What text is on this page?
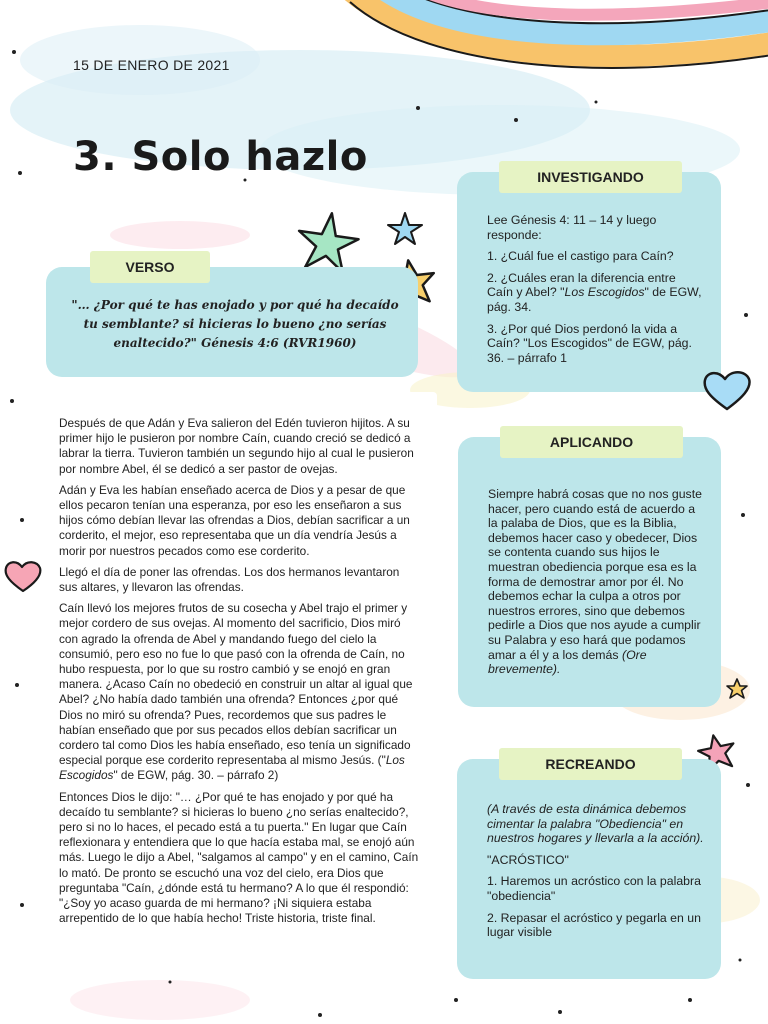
15 DE ENERO DE 2021
3. Solo hazlo
VERSO
"… ¿Por qué te has enojado y por qué ha decaído tu semblante? si hicieras lo bueno ¿no serías enaltecido?" Génesis 4:6 (RVR1960)
INVESTIGANDO

Lee Génesis 4: 11 – 14 y luego responde:

1. ¿Cuál fue el castigo para Caín?

2. ¿Cuáles eran la diferencia entre Caín y Abel? "Los Escogidos" de EGW, pág. 34.

3. ¿Por qué Dios perdonó la vida a Caín? "Los Escogidos" de EGW, pág. 36. – párrafo 1

APLICANDO
Siempre habrá cosas que no nos guste hacer, pero cuando está de acuerdo a la palaba de Dios, que es la Biblia, debemos hacer caso y obedecer, Dios se contenta cuando sus hijos le muestran obediencia porque esa es la forma de demostrar amor por él. No debemos echar la culpa a otros por nuestros errores, sino que debemos pedirle a Dios que nos ayude a cumplir su Palabra y eso hará que podamos amar a él y a los demás (Ore brevemente).
RECREANDO

(A través de esta dinámica debemos cimentar la palabra "Obediencia" en nuestros hogares y llevarla a la acción).

"ACRÓSTICO"

1. Haremos un acróstico con la palabra "obediencia"

2. Repasar el acróstico y pegarla en un lugar visible

Después de que Adán y Eva salieron del Edén tuvieron hijitos. A su primer hijo le pusieron por nombre Caín, cuando creció se dedicó a labrar la tierra. Tuvieron también un segundo hijo al cual le pusieron por nombre Abel, él se dedicó a ser pastor de ovejas.

Adán y Eva les habían enseñado acerca de Dios y a pesar de que ellos pecaron tenían una esperanza, por eso les enseñaron a sus hijos cómo debían llevar las ofrendas a Dios, debían sacrificar a un corderito, el mejor, eso representaba que un día vendría Jesús a morir por nuestros pecados como ese corderito.

Llegó el día de poner las ofrendas. Los dos hermanos levantaron sus altares, y llevaron las ofrendas.

Caín llevó los mejores frutos de su cosecha y Abel trajo el primer y mejor cordero de sus ovejas. Al momento del sacrificio, Dios miró con agrado la ofrenda de Abel y mandando fuego del cielo la consumió, pero eso no fue lo que pasó con la ofrenda de Caín, no hubo respuesta, por lo que su rostro cambió y se enojó en gran manera. ¿Acaso Caín no obedeció en construir un altar al igual que Abel? ¿No había dado también una ofrenda? Entonces ¿por qué Dios no miró su ofrenda? Pues, recordemos que sus padres le habían enseñado que por sus pecados ellos debían sacrificar un cordero tal como Dios les había enseñado, eso tenía un significado especial porque ese corderito representaba al mismo Jesús. ("Los Escogidos" de EGW, pág. 30. – párrafo 2)

Entonces Dios le dijo: "… ¿Por qué te has enojado y por qué ha decaído tu semblante? si hicieras lo bueno ¿no serías enaltecido?, pero si no lo haces, el pecado está a tu puerta." En lugar que Caín reflexionara y entendiera que lo que hacía estaba mal, se enojó aún más. Luego le dijo a Abel, "salgamos al campo" y en el camino, Caín lo mató. De pronto se escuchó una voz del cielo, era Dios que preguntaba "Caín, ¿dónde está tu hermano? A lo que él respondió: "¿Soy yo acaso guarda de mi hermano? ¡Ni siquiera estaba arrepentido de lo que había hecho! Triste historia, triste final.
